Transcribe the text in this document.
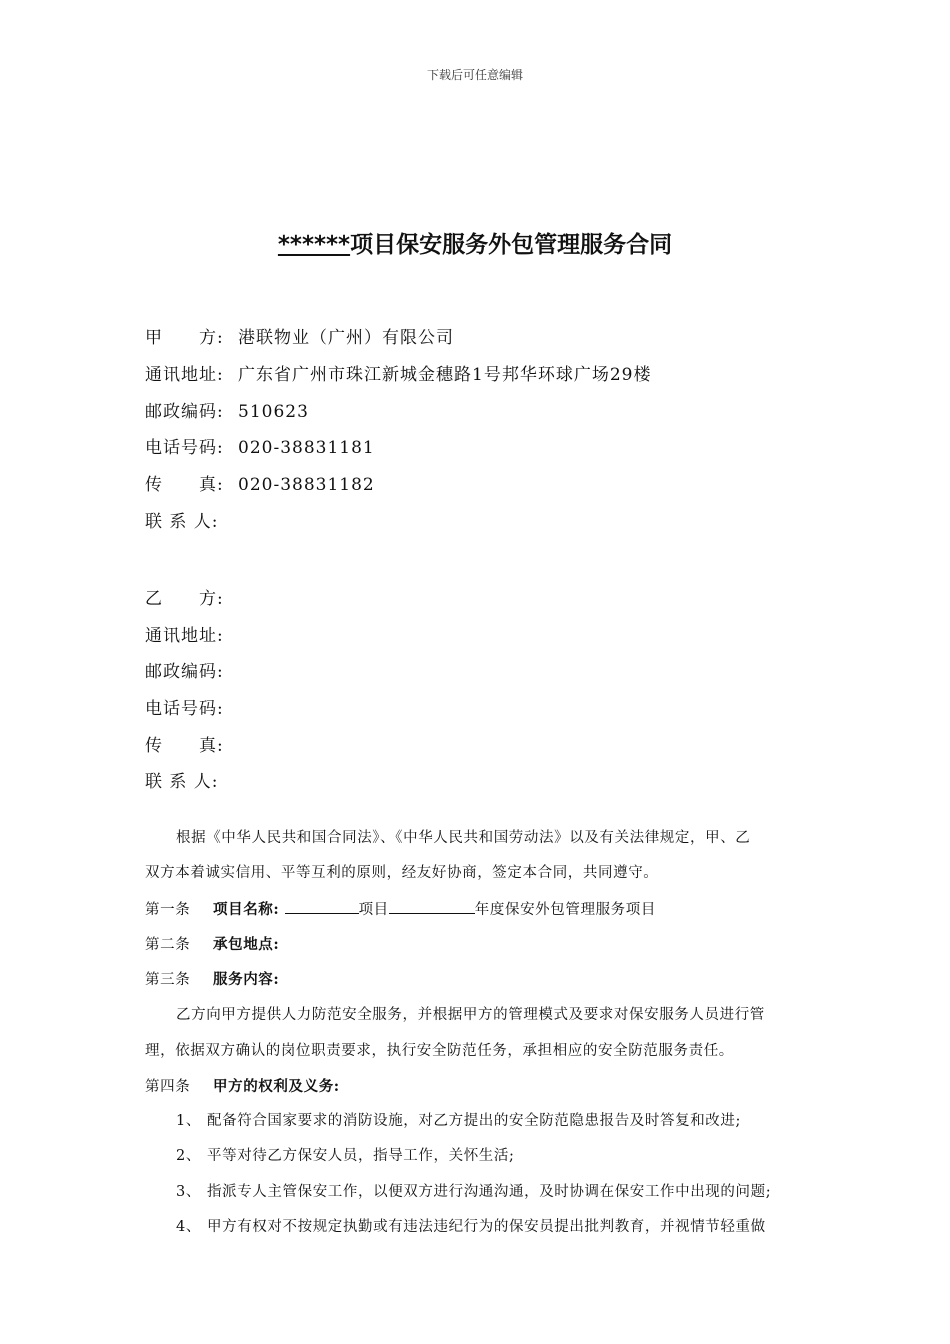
下载后可任意编辑
******项目保安服务外包管理服务合同
甲　　方: 港联物业（广州）有限公司
通讯地址: 广东省广州市珠江新城金穗路1号邦华环球广场29楼
邮政编码: 510623
电话号码: 020-38831181
传　　真: 020-38831182
联 系 人:
乙　　方:
通讯地址:
邮政编码:
电话号码:
传　　真:
联 系 人:
根据《中华人民共和国合同法》、《中华人民共和国劳动法》以及有关法律规定，甲、乙
双方本着诚实信用、平等互利的原则，经友好协商，签定本合同，共同遵守。
第一条 项目名称:	项目	年度保安外包管理服务项目
第二条 承包地点:
第三条 服务内容:
乙方向甲方提供人力防范安全服务，并根据甲方的管理模式及要求对保安服务人员进行管
理，依据双方确认的岗位职责要求，执行安全防范任务，承担相应的安全防范服务责任。
第四条 甲方的权利及义务:
1、 配备符合国家要求的消防设施，对乙方提出的安全防范隐患报告及时答复和改进;
2、 平等对待乙方保安人员，指导工作，关怀生活;
3、 指派专人主管保安工作，以便双方进行沟通沟通，及时协调在保安工作中出现的问题;
4、 甲方有权对不按规定执勤或有违法违纪行为的保安员提出批判教育，并视情节轻重做
